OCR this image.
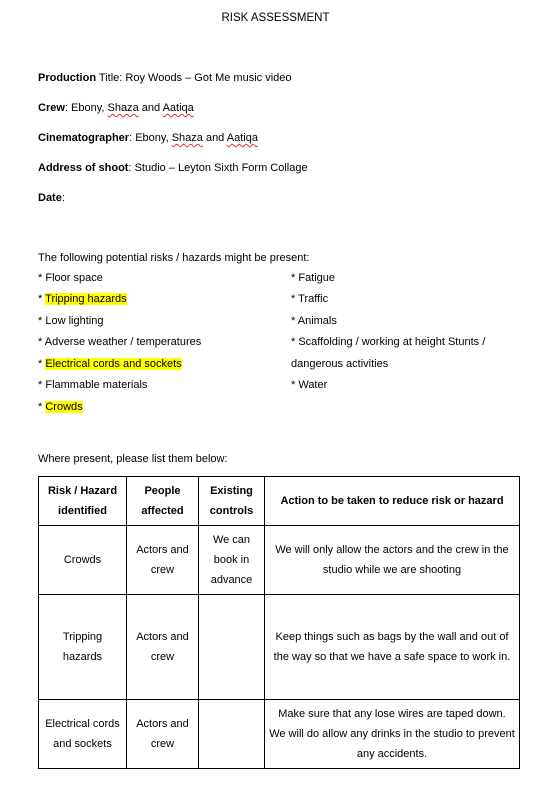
RISK ASSESSMENT
Production Title: Roy Woods – Got Me music video
Crew: Ebony, Shaza and Aatiqa
Cinematographer: Ebony, Shaza and Aatiqa
Address of shoot: Studio – Leyton Sixth Form Collage
Date:
The following potential risks / hazards might be present:
* Floor space
* Tripping hazards
* Low lighting
* Adverse weather / temperatures
* Electrical cords and sockets
* Flammable materials
* Crowds
* Fatigue
* Traffic
* Animals
* Scaffolding / working at height Stunts /
dangerous activities
* Water
Where present, please list them below:
Risk / Hazard identified	People affected	Existing controls	Action to be taken to reduce risk or hazard
Crowds	Actors and crew	We can book in advance	We will only allow the actors and the crew in the studio while we are shooting
Tripping hazards	Actors and crew		Keep things such as bags by the wall and out of the way so that we have a safe space to work in.
Electrical cords and sockets	Actors and crew		Make sure that any lose wires are taped down. We will do allow any drinks in the studio to prevent any accidents.
